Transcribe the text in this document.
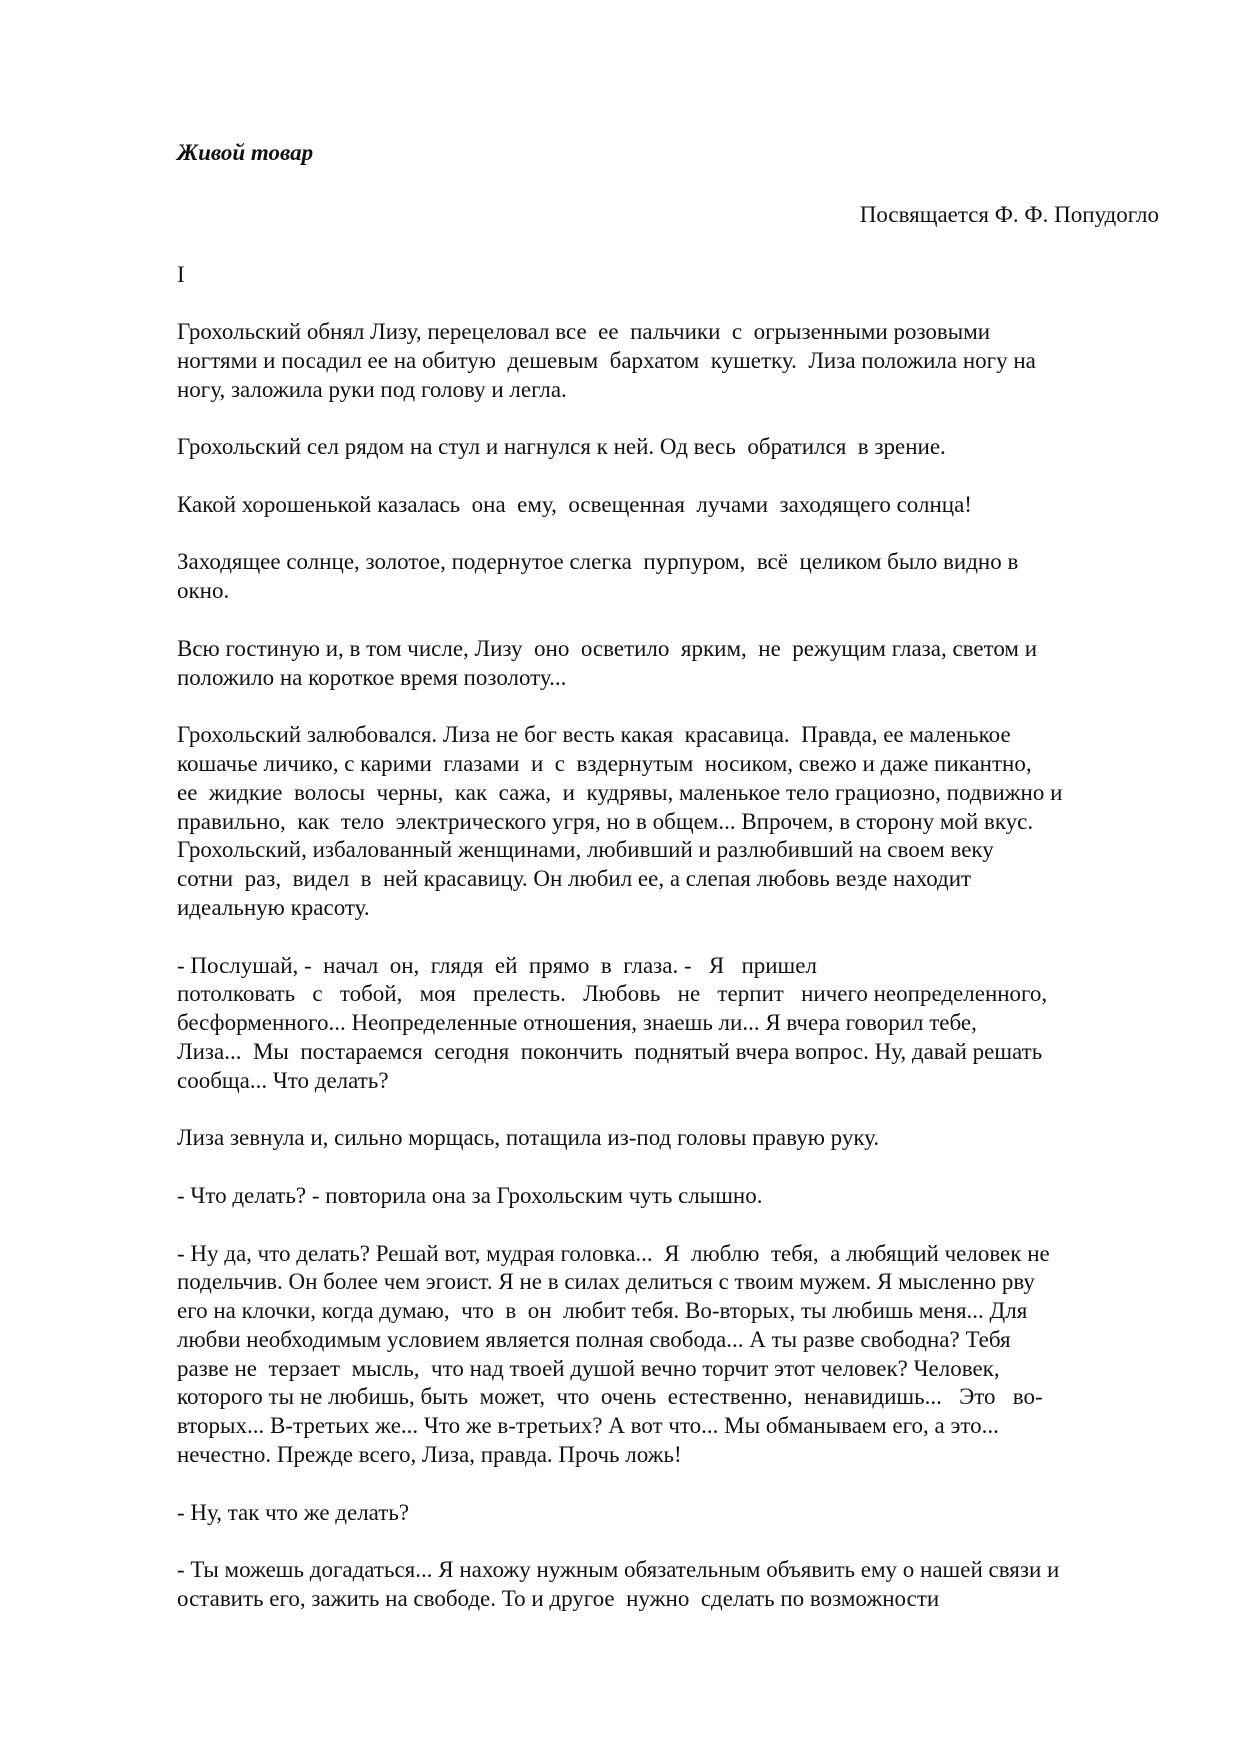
Живой товар

Посвящается Ф. Ф. Попудогло

I

Грохольский обнял Лизу, перецеловал все  ее  пальчики  с  огрызенными розовыми
ногтями и посадил ее на обитую  дешевым  бархатом  кушетку.  Лиза положила ногу на
ногу, заложила руки под голову и легла.

Грохольский сел рядом на стул и нагнулся к ней. Од весь  обратился  в зрение.

Какой хорошенькой казалась  она  ему,  освещенная  лучами  заходящего солнца!

Заходящее солнце, золотое, подернутое слегка  пурпуром,  всё  целиком было видно в
окно.

Всю гостиную и, в том числе, Лизу  оно  осветило  ярким,  не  режущим глаза, светом и
положило на короткое время позолоту...

Грохольский залюбовался. Лиза не бог весть какая  красавица.  Правда, ее маленькое
кошачье личико, с карими  глазами  и  с  вздернутым  носиком, свежо и даже пикантно,
ее  жидкие  волосы  черны,  как  сажа,  и  кудрявы, маленькое тело грациозно, подвижно и
правильно,  как  тело  электрического угря, но в общем... Впрочем, в сторону мой вкус.
Грохольский, избалованный женщинами, любивший и разлюбивший на своем веку
сотни  раз,  видел  в  ней красавицу. Он любил ее, а слепая любовь везде находит
идеальную красоту.

- Послушай, -  начал  он,  глядя  ей  прямо  в  глаза. -   Я   пришел
потолковать   с   тобой,   моя   прелесть.   Любовь   не   терпит   ничего неопределенного,
бесформенного... Неопределенные отношения, знаешь ли... Я вчера говорил тебе,
Лиза...  Мы  постараемся  сегодня  покончить  поднятый вчера вопрос. Ну, давай решать
сообща... Что делать?

Лиза зевнула и, сильно морщась, потащила из-под головы правую руку.

- Что делать? - повторила она за Грохольским чуть слышно.

- Ну да, что делать? Решай вот, мудрая головка...  Я  люблю  тебя,  а любящий человек не
подельчив. Он более чем эгоист. Я не в силах делиться с твоим мужем. Я мысленно рву
его на клочки, когда думаю,  что  в  он  любит тебя. Во-вторых, ты любишь меня... Для
любви необходимым условием является полная свобода... А ты разве свободна? Тебя
разве не  терзает  мысль,  что над твоей душой вечно торчит этот человек? Человек,
которого ты не любишь, быть  может,  что  очень  естественно,  ненавидишь...   Это   во-
вторых... В-третьих же... Что же в-третьих? А вот что... Мы обманываем его, а это...
нечестно. Прежде всего, Лиза, правда. Прочь ложь!

- Ну, так что же делать?

- Ты можешь догадаться... Я нахожу нужным обязательным объявить ему о нашей связи и
оставить его, зажить на свободе. То и другое  нужно  сделать по возможности
